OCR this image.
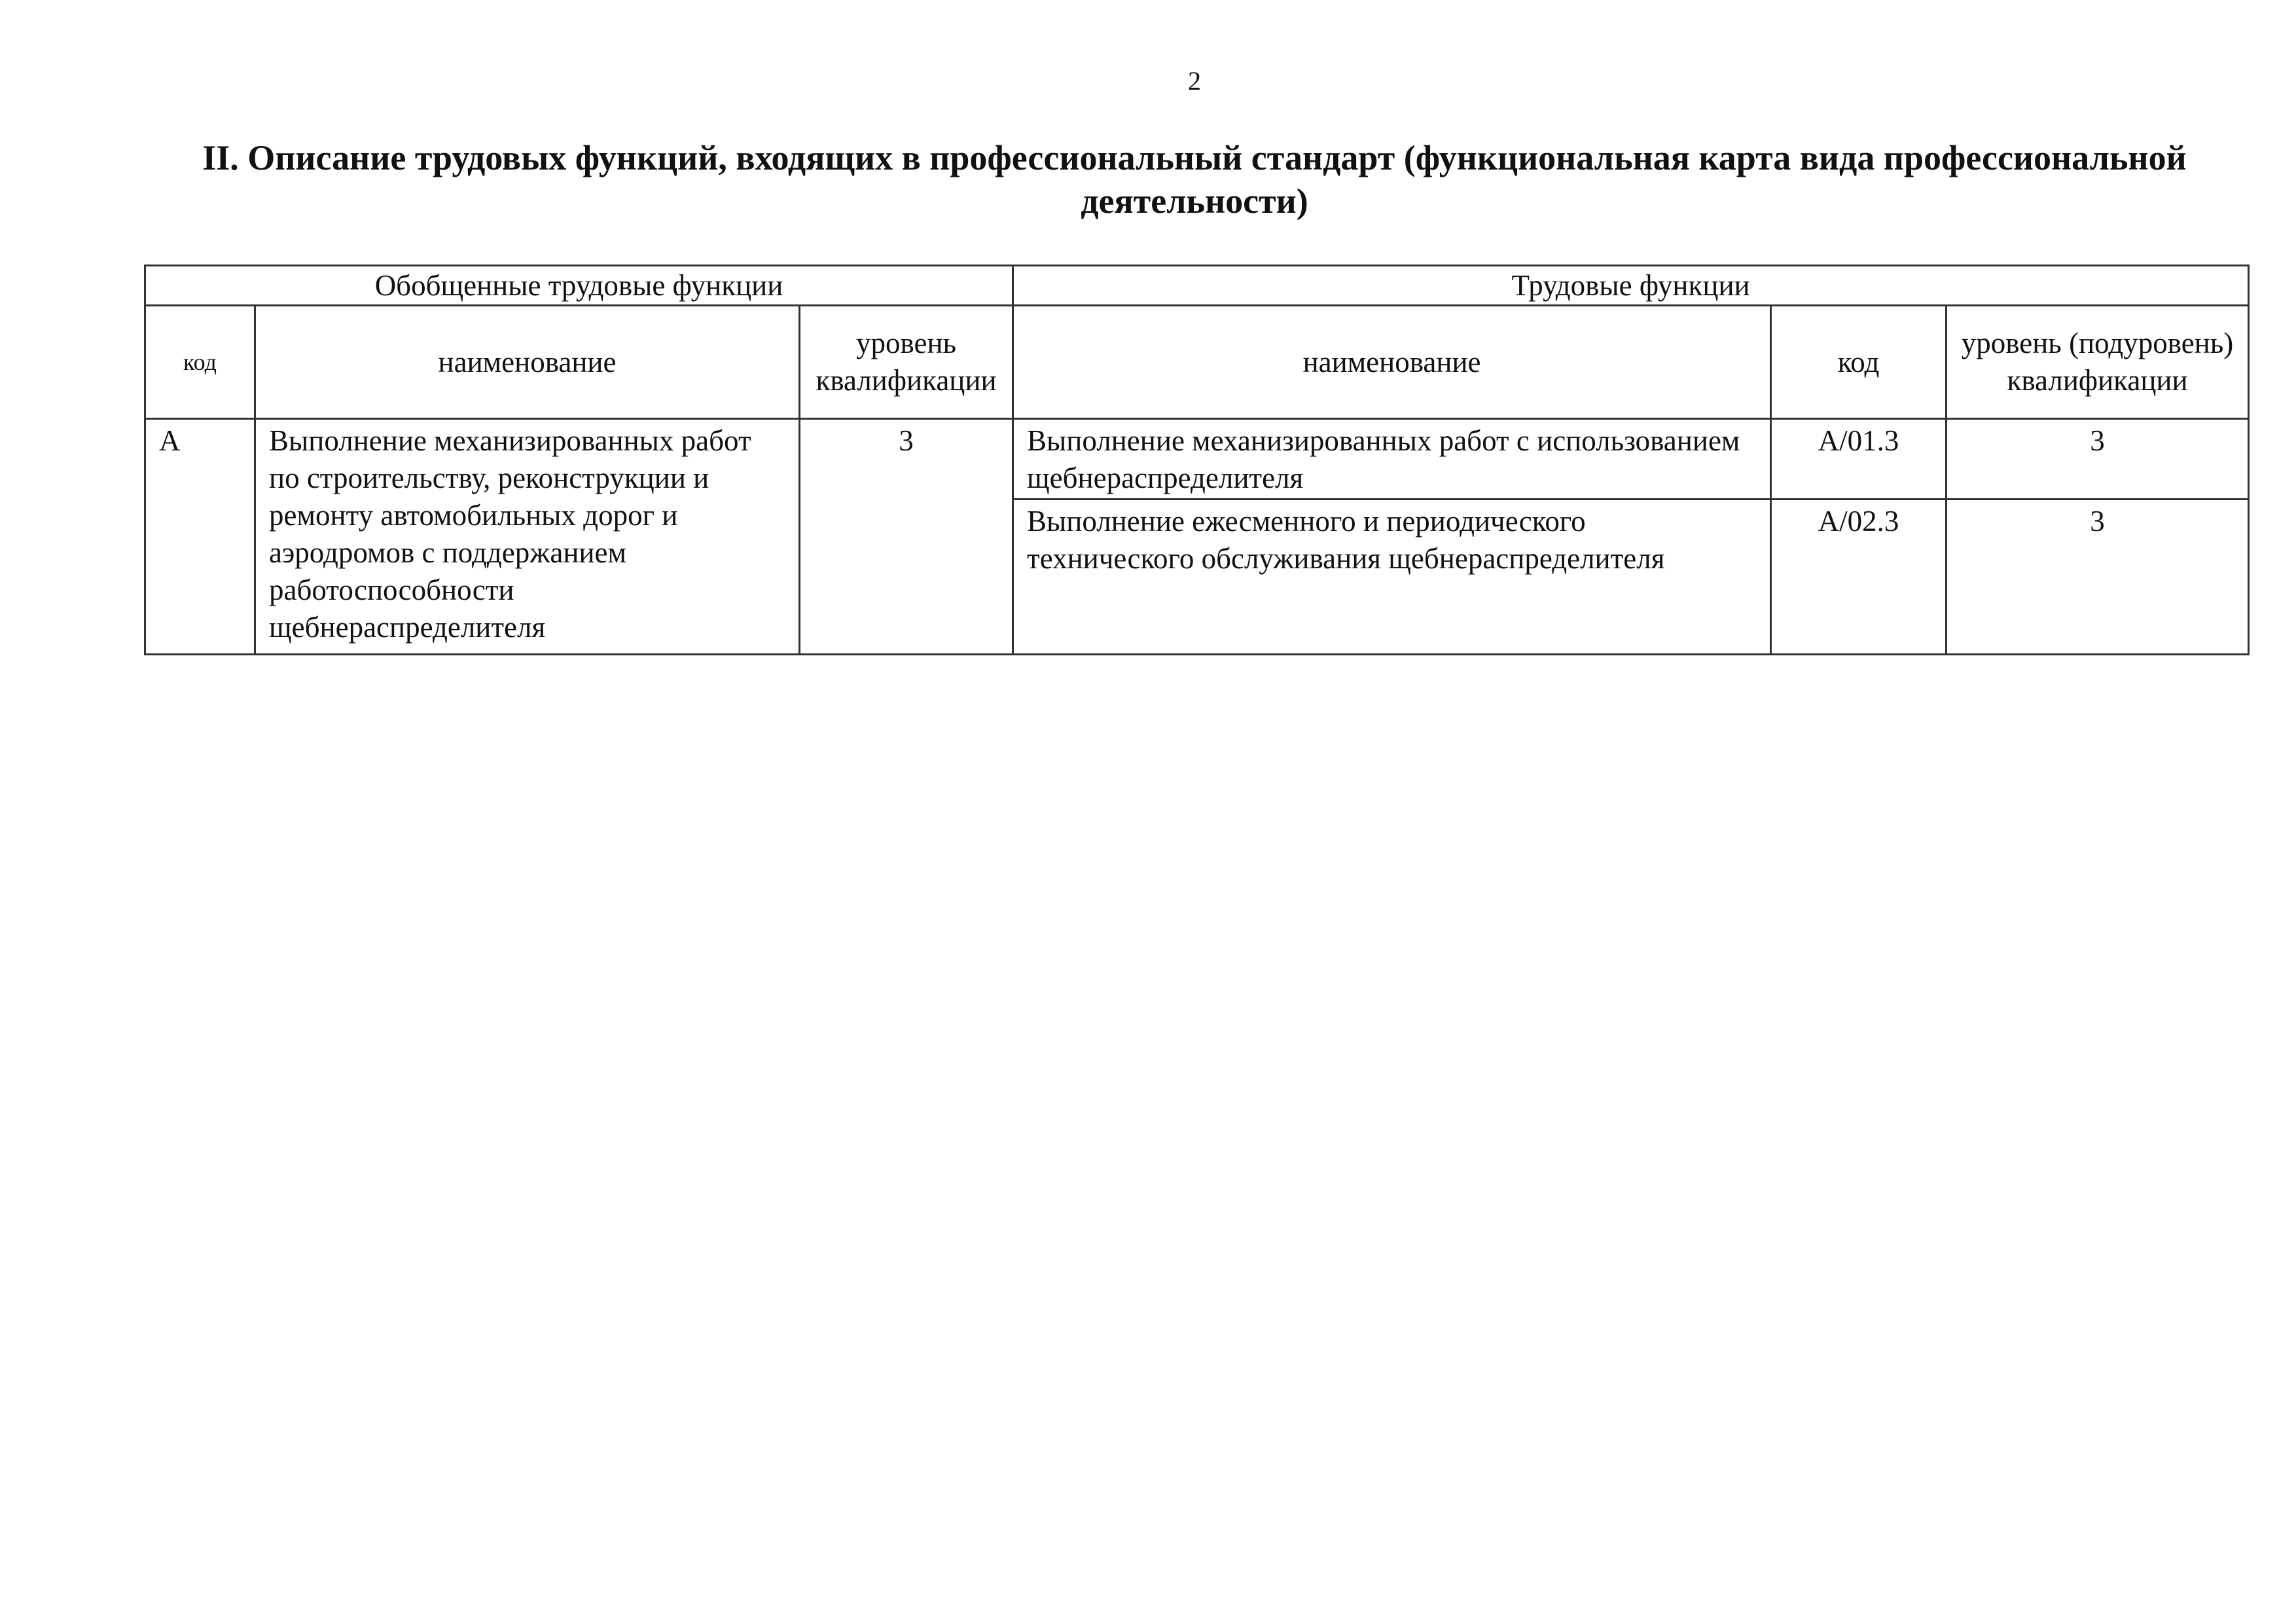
2
II. Описание трудовых функций, входящих в профессиональный стандарт (функциональная карта вида профессиональной деятельности)
Обобщенные трудовые функции			Трудовые функции		
код	наименование	уровень квалификации	наименование	код	уровень (подуровень) квалификации
А	Выполнение механизированных работ по строительству, реконструкции и ремонту автомобильных дорог и аэродромов с поддержанием работоспособности щебнераспределителя	3	Выполнение механизированных работ с использованием щебнераспределителя	А/01.3	3
			Выполнение ежесменного и периодического технического обслуживания щебнераспределителя	А/02.3	3
